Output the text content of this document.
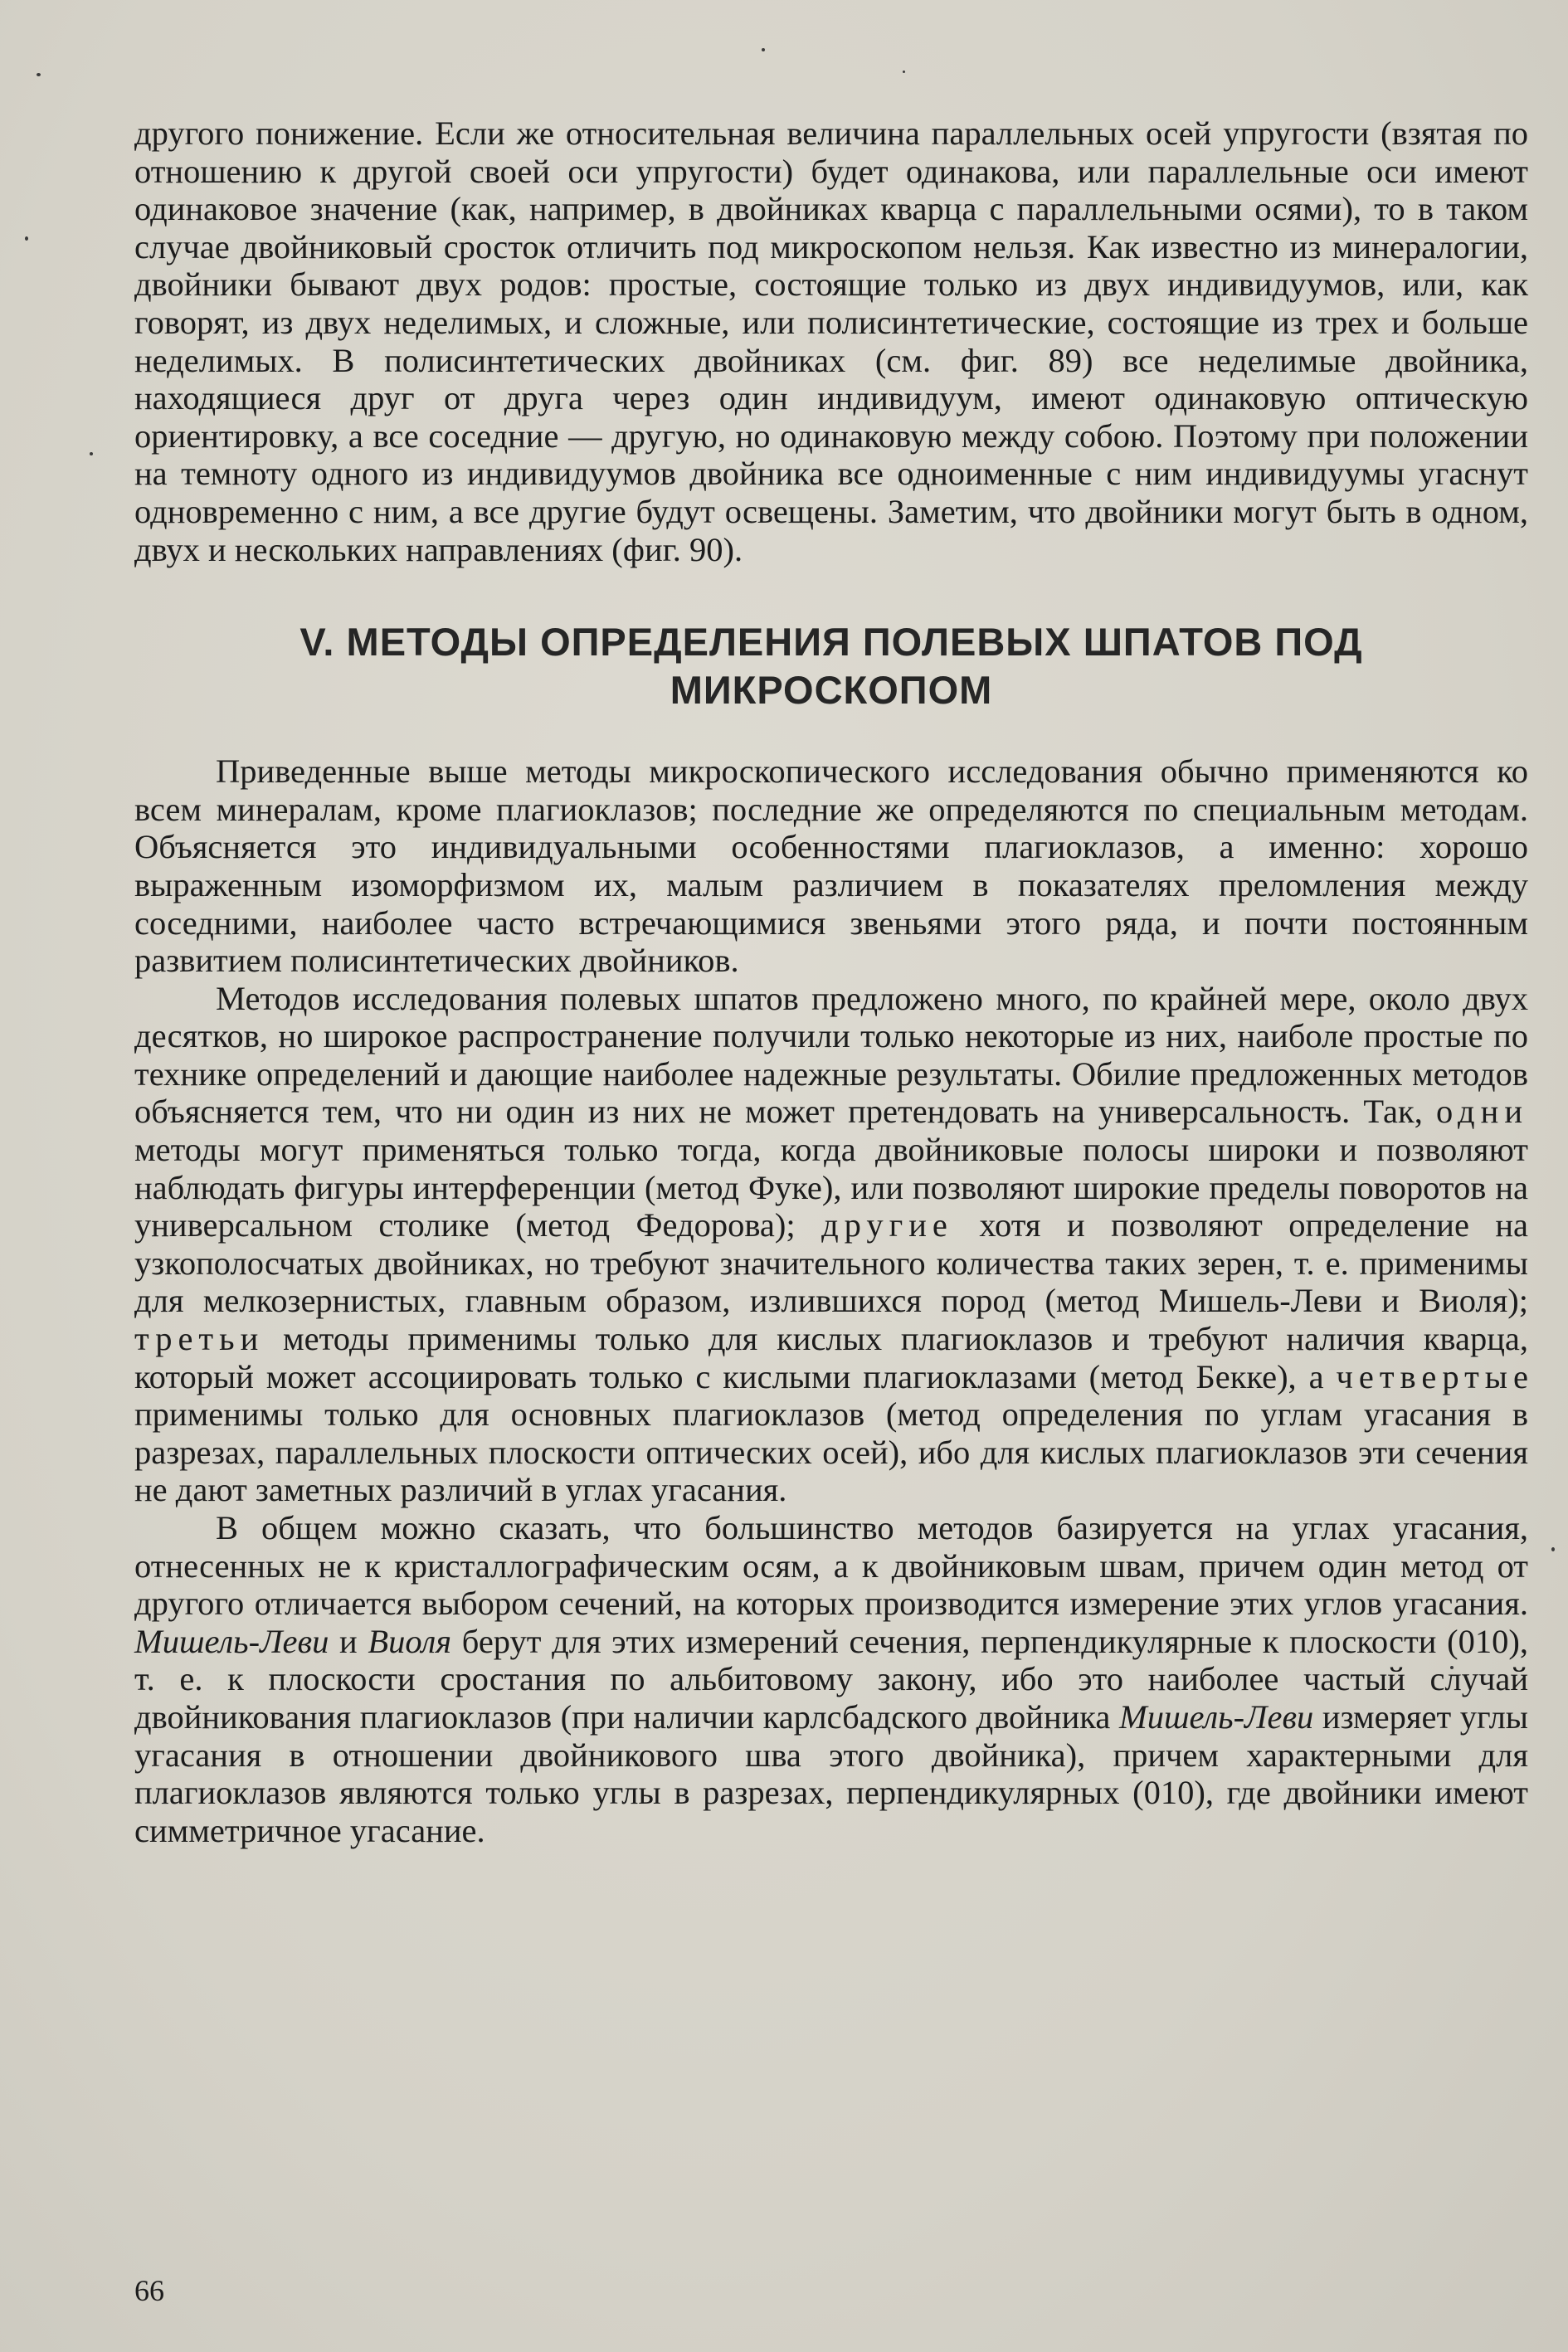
другого понижение. Если же относительная величина параллельных осей упругости (взятая по отношению к другой своей оси упругости) будет одинакова, или параллельные оси имеют одинаковое значение (как, например, в двойниках кварца с параллельными осями), то в таком случае двойниковый сросток отличить под микроскопом нельзя. Как известно из минералогии, двойники бывают двух родов: простые, состоящие только из двух индивидуумов, или, как говорят, из двух неделимых, и сложные, или полисинтетические, состоящие из трех и больше неделимых. В полисинтетических двойниках (см. фиг. 89) все неделимые двойника, находящиеся друг от друга через один индивидуум, имеют одинаковую оптическую ориентировку, а все соседние — другую, но одинаковую между собою. Поэтому при положении на темноту одного из индивидуумов двойника все одноименные с ним индивидуумы угаснут одновременно с ним, а все другие будут освещены. Заметим, что двойники могут быть в одном, двух и нескольких направлениях (фиг. 90).

V. МЕТОДЫ ОПРЕДЕЛЕНИЯ ПОЛЕВЫХ ШПАТОВ ПОД
МИКРОСКОПОМ

Приведенные выше методы микроскопического исследования обычно применяются ко всем минералам, кроме плагиоклазов; последние же определяются по специальным методам. Объясняется это индивидуальными особенностями плагиоклазов, а именно: хорошо выраженным изоморфизмом их, малым различием в показателях преломления между соседними, наиболее часто встречающимися звеньями этого ряда, и почти постоянным развитием полисинтетических двойников.

Методов исследования полевых шпатов предложено много, по крайней мере, около двух десятков, но широкое распространение получили только некоторые из них, наиболе простые по технике определений и дающие наиболее надежные результаты. Обилие предложенных методов объясняется тем, что ни один из них не может претендовать на универсальность. Так, одни методы могут применяться только тогда, когда двойниковые полосы широки и позволяют наблюдать фигуры интерференции (метод Фуке), или позволяют широкие пределы поворотов на универсальном столике (метод Федорова); другие хотя и позволяют определение на узкополосчатых двойниках, но требуют значительного количества таких зерен, т. е. применимы для мелкозернистых, главным образом, излившихся пород (метод Мишель-Леви и Виоля); третьи методы применимы только для кислых плагиоклазов и требуют наличия кварца, который может ассоциировать только с кислыми плагиоклазами (метод Бекке), а четвертые применимы только для основных плагиоклазов (метод определения по углам угасания в разрезах, параллельных плоскости оптических осей), ибо для кислых плагиоклазов эти сечения не дают заметных различий в углах угасания.

В общем можно сказать, что большинство методов базируется на углах угасания, отнесенных не к кристаллографическим осям, а к двойниковым швам, причем один метод от другого отличается выбором сечений, на которых производится измерение этих углов угасания. Мишель-Леви и Виоля берут для этих измерений сечения, перпендикулярные к плоскости (010), т. е. к плоскости сростания по альбитовому закону, ибо это наиболее частый случай двойникования плагиоклазов (при наличии карлсбадского двойника Мишель-Леви измеряет углы угасания в отношении двойникового шва этого двойника), причем характерными для плагиоклазов являются только углы в разрезах, перпендикулярных (010), где двойники имеют симметричное угасание.

66
